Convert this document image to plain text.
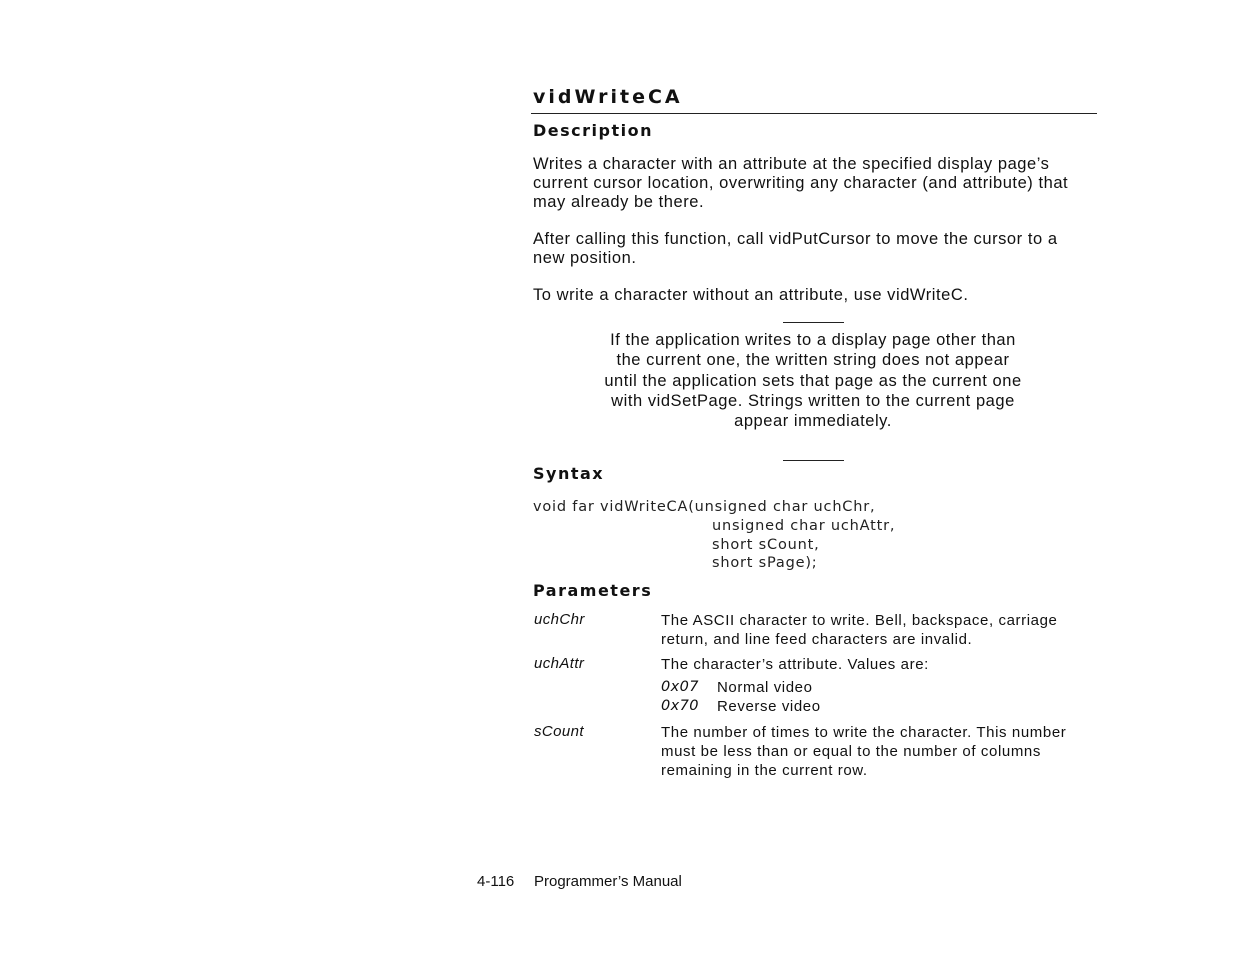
vidWriteCA
Description

Writes a character with an attribute at the specified display page’s current cursor location, overwriting any character (and attribute) that may already be there.

After calling this function, call vidPutCursor to move the cursor to a new position.

To write a character without an attribute, use vidWriteC.

If the application writes to a display page other than the current one, the written string does not appear until the application sets that page as the current one with vidSetPage. Strings written to the current page appear immediately.

Syntax
void far vidWriteCA(unsigned char uchChr,
unsigned char uchAttr,
short sCount,
short sPage);
Parameters
uchChr	The ASCII character to write. Bell, backspace, carriage return, and line feed characters are invalid.

uchAttr	The character’s attribute. Values are:

0x07 Normal video
0x70 Reverse video
sCount	The number of times to write the character. This number must be less than or equal to the number of columns remaining in the current row.

4-116 Programmer’s Manual
